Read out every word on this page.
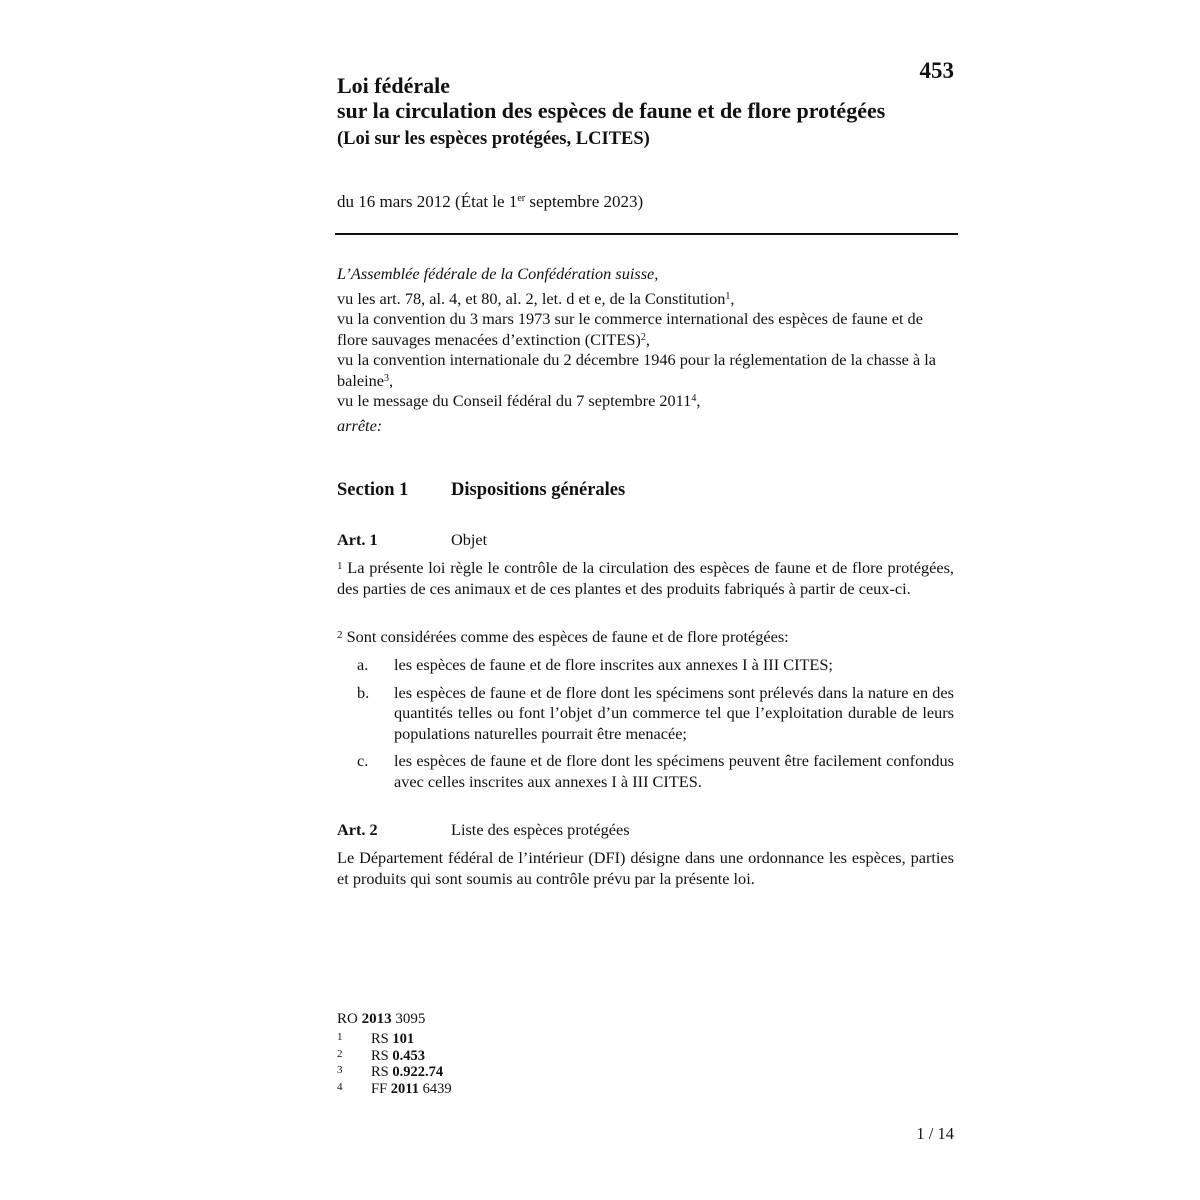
453
Loi fédérale
sur la circulation des espèces de faune et de flore protégées
(Loi sur les espèces protégées, LCITES)
du 16 mars 2012 (État le 1er septembre 2023)

L’Assemblée fédérale de la Confédération suisse,

vu les art. 78, al. 4, et 80, al. 2, let. d et e, de la Constitution$^1$,

vu la convention du 3 mars 1973 sur le commerce international des espèces de faune et de flore sauvages menacées d’extinction (CITES)$^2$,

vu la convention internationale du 2 décembre 1946 pour la réglementation de la chasse à la baleine$^3$,

vu le message du Conseil fédéral du 7 septembre 2011$^4$,

arrête:

Section 1 Dispositions générales
Art. 1	Objet

$^1$ La présente loi règle le contrôle de la circulation des espèces de faune et de flore protégées, des parties de ces animaux et de ces plantes et des produits fabriqués à partir de ceux-ci.

$^2$ Sont considérées comme des espèces de faune et de flore protégées:

a.	les espèces de faune et de flore inscrites aux annexes I à III CITES;
b.	les espèces de faune et de flore dont les spécimens sont prélevés dans la nature en des quantités telles ou font l’objet d’un commerce tel que l’exploitation durable de leurs populations naturelles pourrait être menacée;
c.	les espèces de faune et de flore dont les spécimens peuvent être facilement confondus avec celles inscrites aux annexes I à III CITES.
Art. 2	Liste des espèces protégées

Le Département fédéral de l’intérieur (DFI) désigne dans une ordonnance les espèces, parties et produits qui sont soumis au contrôle prévu par la présente loi.

RO 2013 3095
1	RS 101
2	RS 0.453
3	RS 0.922.74
4	FF 2011 6439
1 / 14
